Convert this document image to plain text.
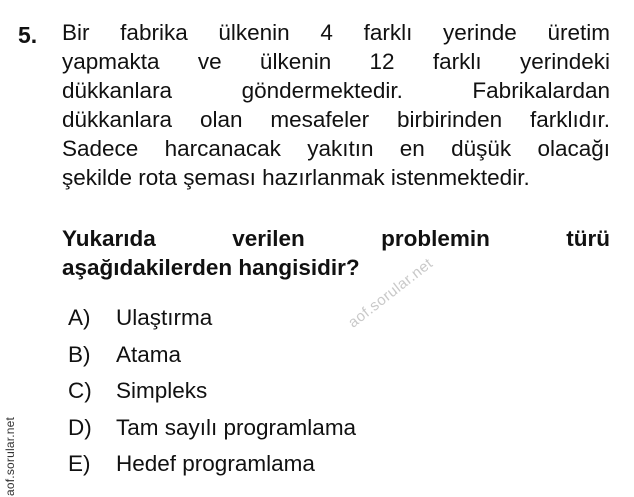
5. Bir fabrika ülkenin 4 farklı yerinde üretim
yapmakta ve ülkenin 12 farklı yerindeki
dükkanlara göndermektedir. Fabrikalardan
dükkanlara olan mesafeler birbirinden farklıdır.
Sadece harcanacak yakıtın en düşük olacağı
şekilde rota şeması hazırlanmak istenmektedir.
Yukarıda verilen problemin türü
aşağıdakilerden hangisidir?
A)	Ulaştırma
B)	Atama
C)	Simpleks
D)	Tam sayılı programlama
E)	Hedef programlama
aof.sorular.net
aof.sorular.net
